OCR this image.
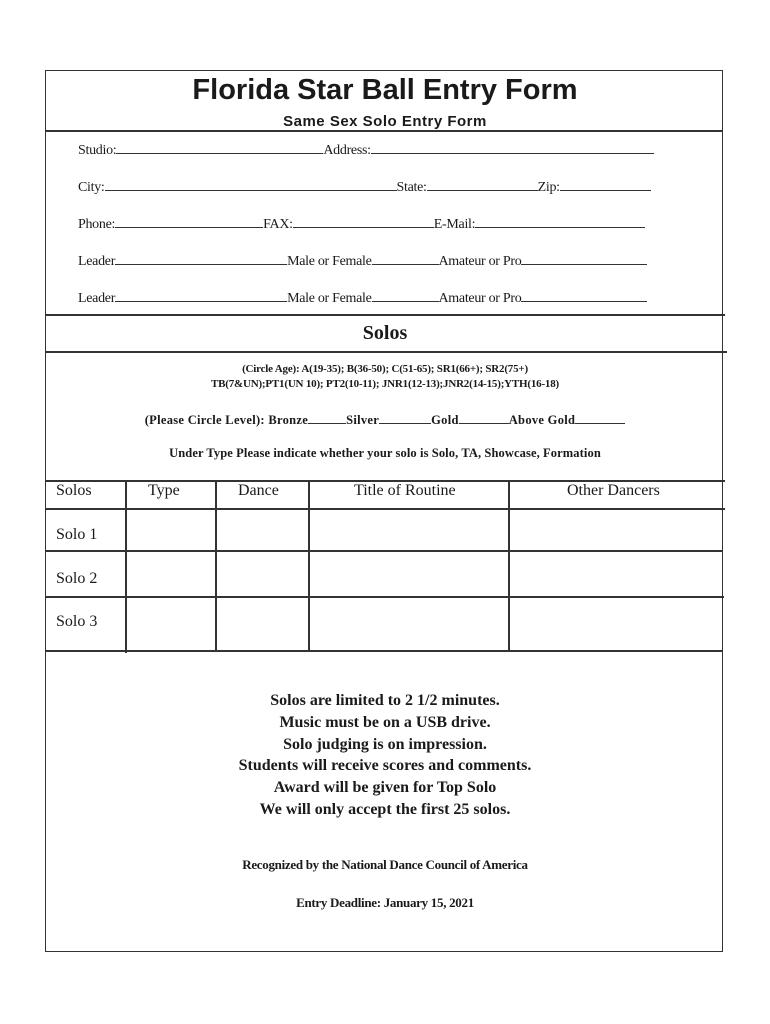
Florida Star Ball Entry Form
Same Sex Solo Entry Form
Studio:	Address:
City:	State:	Zip:
Phone:	FAX:	E-Mail:
Leader	Male or Female	Amateur or Pro
Leader	Male or Female	Amateur or Pro
Solos
(Circle Age): A(19-35); B(36-50); C(51-65); SR1(66+); SR2(75+)
TB(7&UN);PT1(UN 10); PT2(10-11); JNR1(12-13);JNR2(14-15);YTH(16-18)
(Please Circle Level): Bronze	Silver	Gold	Above Gold
Under Type Please indicate whether your solo is Solo, TA, Showcase, Formation
Solos	Type	Dance	Title of Routine	Other Dancers
Solo 1
Solo 2
Solo 3
Solos are limited to 2 1/2 minutes.
Music must be on a USB drive.
Solo judging is on impression.
Students will receive scores and comments.
Award will be given for Top Solo
We will only accept the first 25 solos.
Recognized by the National Dance Council of America
Entry Deadline: January 15, 2021
